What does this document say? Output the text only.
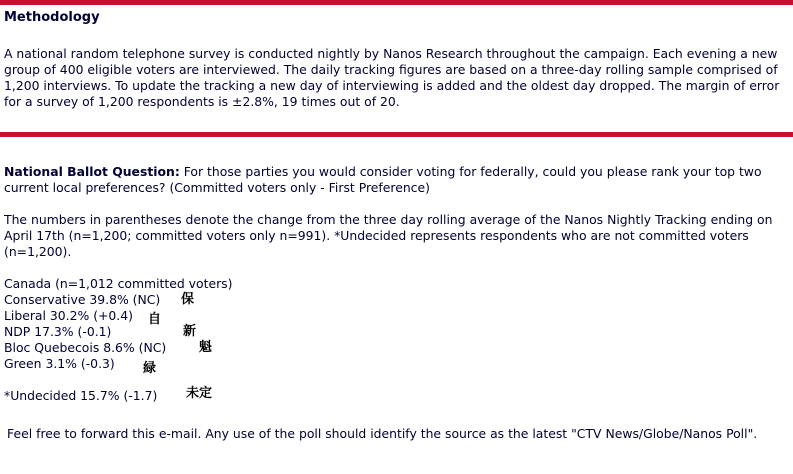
Methodology

A national random telephone survey is conducted nightly by Nanos Research throughout the campaign. Each evening a new group of 400 eligible voters are interviewed. The daily tracking figures are based on a three-day rolling sample comprised of 1,200 interviews. To update the tracking a new day of interviewing is added and the oldest day dropped. The margin of error for a survey of 1,200 respondents is ±2.8%, 19 times out of 20.

National Ballot Question: For those parties you would consider voting for federally, could you please rank your top two current local preferences? (Committed voters only - First Preference)

The numbers in parentheses denote the change from the three day rolling average of the Nanos Nightly Tracking ending on April 17th (n=1,200; committed voters only n=991). *Undecided represents respondents who are not committed voters (n=1,200).

Canada (n=1,012 committed voters)
Conservative 39.8% (NC)
Liberal 30.2% (+0.4)
NDP 17.3% (-0.1)
Bloc Quebecois 8.6% (NC)
Green 3.1% (-0.3)
*Undecided 15.7% (-1.7)
保
自
新
魁
緑
未定

Feel free to forward this e-mail. Any use of the poll should identify the source as the latest "CTV News/Globe/Nanos Poll".
